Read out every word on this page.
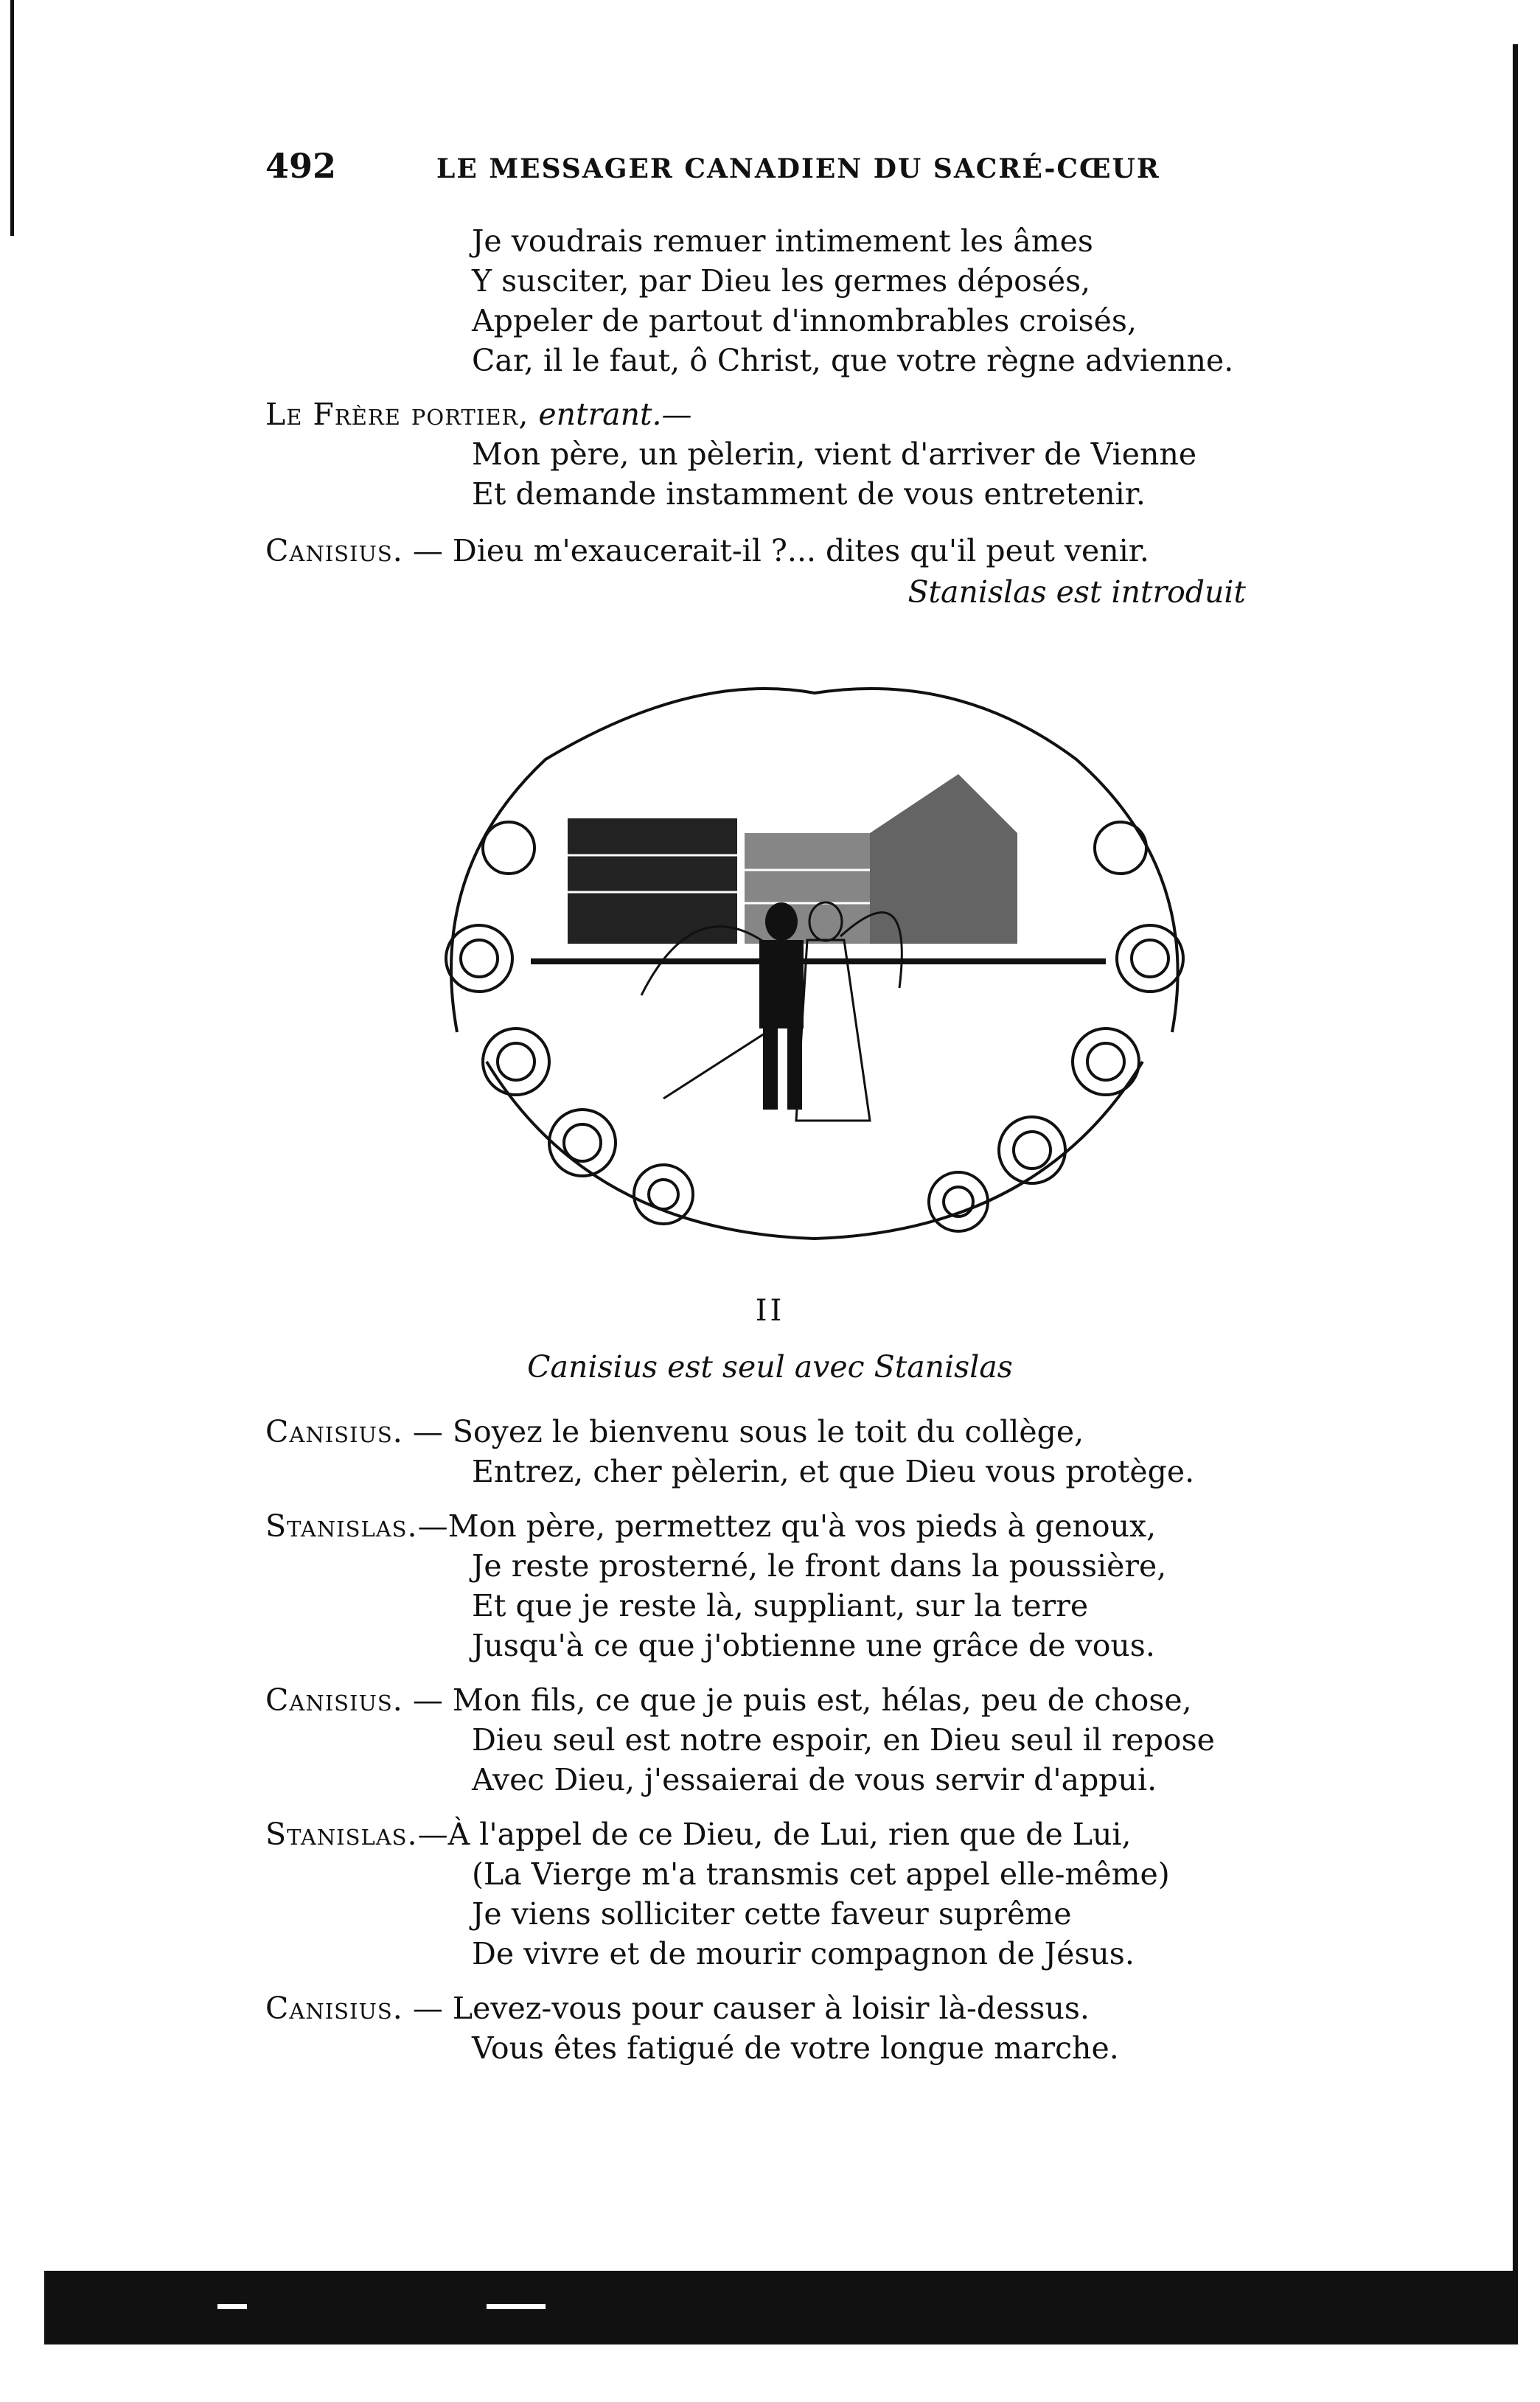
492	LE MESSAGER CANADIEN DU SACRÉ-CŒUR
Je voudrais remuer intimement les âmes
Y susciter, par Dieu les germes déposés,
Appeler de partout d'innombrables croisés,
Car, il le faut, ô Christ, que votre règne advienne.
Le Frère portier, entrant.—
Mon père, un pèlerin, vient d'arriver de Vienne
Et demande instamment de vous entretenir.
Canisius. — Dieu m'exaucerait-il ?... dites qu'il peut venir.
Stanislas est introduit
II
Canisius est seul avec Stanislas
Canisius. — Soyez le bienvenu sous le toit du collège,
Entrez, cher pèlerin, et que Dieu vous protège.
Stanislas.—Mon père, permettez qu'à vos pieds à genoux,
Je reste prosterné, le front dans la poussière,
Et que je reste là, suppliant, sur la terre
Jusqu'à ce que j'obtienne une grâce de vous.
Canisius. — Mon fils, ce que je puis est, hélas, peu de chose,
Dieu seul est notre espoir, en Dieu seul il repose
Avec Dieu, j'essaierai de vous servir d'appui.
Stanislas.—À l'appel de ce Dieu, de Lui, rien que de Lui,
(La Vierge m'a transmis cet appel elle-même)
Je viens solliciter cette faveur suprême
De vivre et de mourir compagnon de Jésus.
Canisius. — Levez-vous pour causer à loisir là-dessus.
Vous êtes fatigué de votre longue marche.
